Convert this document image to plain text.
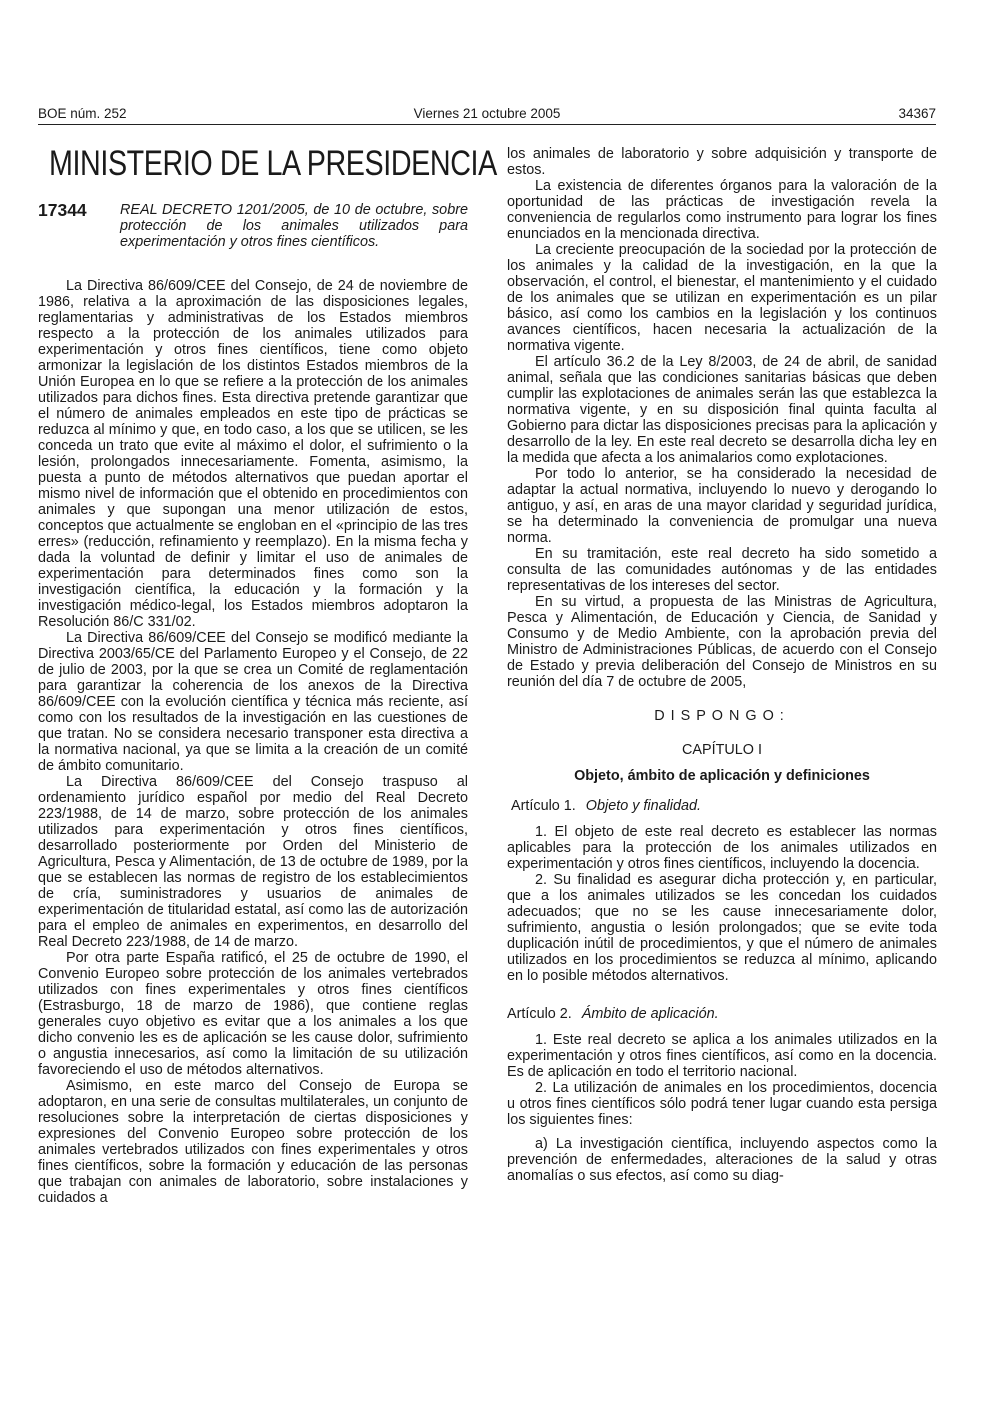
BOE núm. 252	Viernes 21 octubre 2005	34367
MINISTERIO DE LA PRESIDENCIA
17344	REAL DECRETO 1201/2005, de 10 de octubre, sobre protección de los animales utilizados para experimentación y otros fines científicos.

La Directiva 86/609/CEE del Consejo, de 24 de noviembre de 1986, relativa a la aproximación de las disposiciones legales, reglamentarias y administrativas de los Estados miembros respecto a la protección de los animales utilizados para experimentación y otros fines científicos, tiene como objeto armonizar la legislación de los distintos Estados miembros de la Unión Europea en lo que se refiere a la protección de los animales utilizados para dichos fines. Esta directiva pretende garantizar que el número de animales empleados en este tipo de prácticas se reduzca al mínimo y que, en todo caso, a los que se utilicen, se les conceda un trato que evite al máximo el dolor, el sufrimiento o la lesión, prolongados innecesariamente. Fomenta, asimismo, la puesta a punto de métodos alternativos que puedan aportar el mismo nivel de información que el obtenido en procedimientos con animales y que supongan una menor utilización de estos, conceptos que actualmente se engloban en el «principio de las tres erres» (reducción, refinamiento y reemplazo). En la misma fecha y dada la voluntad de definir y limitar el uso de animales de experimentación para determinados fines como son la investigación científica, la educación y la formación y la investigación médico-legal, los Estados miembros adoptaron la Resolución 86/C 331/02.

La Directiva 86/609/CEE del Consejo se modificó mediante la Directiva 2003/65/CE del Parlamento Europeo y el Consejo, de 22 de julio de 2003, por la que se crea un Comité de reglamentación para garantizar la coherencia de los anexos de la Directiva 86/609/CEE con la evolución científica y técnica más reciente, así como con los resultados de la investigación en las cuestiones de que tratan. No se considera necesario transponer esta directiva a la normativa nacional, ya que se limita a la creación de un comité de ámbito comunitario.

La Directiva 86/609/CEE del Consejo traspuso al ordenamiento jurídico español por medio del Real Decreto 223/1988, de 14 de marzo, sobre protección de los animales utilizados para experimentación y otros fines científicos, desarrollado posteriormente por Orden del Ministerio de Agricultura, Pesca y Alimentación, de 13 de octubre de 1989, por la que se establecen las normas de registro de los establecimientos de cría, suministradores y usuarios de animales de experimentación de titularidad estatal, así como las de autorización para el empleo de animales en experimentos, en desarrollo del Real Decreto 223/1988, de 14 de marzo.

Por otra parte España ratificó, el 25 de octubre de 1990, el Convenio Europeo sobre protección de los animales vertebrados utilizados con fines experimentales y otros fines científicos (Estrasburgo, 18 de marzo de 1986), que contiene reglas generales cuyo objetivo es evitar que a los animales a los que dicho convenio les es de aplicación se les cause dolor, sufrimiento o angustia innecesarios, así como la limitación de su utilización favoreciendo el uso de métodos alternativos.

Asimismo, en este marco del Consejo de Europa se adoptaron, en una serie de consultas multilaterales, un conjunto de resoluciones sobre la interpretación de ciertas disposiciones y expresiones del Convenio Europeo sobre protección de los animales vertebrados utilizados con fines experimentales y otros fines científicos, sobre la formación y educación de las personas que trabajan con animales de laboratorio, sobre instalaciones y cuidados a

los animales de laboratorio y sobre adquisición y transporte de estos.

La existencia de diferentes órganos para la valoración de la oportunidad de las prácticas de investigación revela la conveniencia de regularlos como instrumento para lograr los fines enunciados en la mencionada directiva.

La creciente preocupación de la sociedad por la protección de los animales y la calidad de la investigación, en la que la observación, el control, el bienestar, el mantenimiento y el cuidado de los animales que se utilizan en experimentación es un pilar básico, así como los cambios en la legislación y los continuos avances científicos, hacen necesaria la actualización de la normativa vigente.

El artículo 36.2 de la Ley 8/2003, de 24 de abril, de sanidad animal, señala que las condiciones sanitarias básicas que deben cumplir las explotaciones de animales serán las que establezca la normativa vigente, y en su disposición final quinta faculta al Gobierno para dictar las disposiciones precisas para la aplicación y desarrollo de la ley. En este real decreto se desarrolla dicha ley en la medida que afecta a los animalarios como explotaciones.

Por todo lo anterior, se ha considerado la necesidad de adaptar la actual normativa, incluyendo lo nuevo y derogando lo antiguo, y así, en aras de una mayor claridad y seguridad jurídica, se ha determinado la conveniencia de promulgar una nueva norma.

En su tramitación, este real decreto ha sido sometido a consulta de las comunidades autónomas y de las entidades representativas de los intereses del sector.

En su virtud, a propuesta de las Ministras de Agricultura, Pesca y Alimentación, de Educación y Ciencia, de Sanidad y Consumo y de Medio Ambiente, con la aprobación previa del Ministro de Administraciones Públicas, de acuerdo con el Consejo de Estado y previa deliberación del Consejo de Ministros en su reunión del día 7 de octubre de 2005,

DISPONGO:

CAPÍTULO I

Objeto, ámbito de aplicación y definiciones

Artículo 1. Objeto y finalidad.

1. El objeto de este real decreto es establecer las normas aplicables para la protección de los animales utilizados en experimentación y otros fines científicos, incluyendo la docencia.

2. Su finalidad es asegurar dicha protección y, en particular, que a los animales utilizados se les concedan los cuidados adecuados; que no se les cause innecesariamente dolor, sufrimiento, angustia o lesión prolongados; que se evite toda duplicación inútil de procedimientos, y que el número de animales utilizados en los procedimientos se reduzca al mínimo, aplicando en lo posible métodos alternativos.

Artículo 2. Ámbito de aplicación.

1. Este real decreto se aplica a los animales utilizados en la experimentación y otros fines científicos, así como en la docencia. Es de aplicación en todo el territorio nacional.

2. La utilización de animales en los procedimientos, docencia u otros fines científicos sólo podrá tener lugar cuando esta persiga los siguientes fines:

a) La investigación científica, incluyendo aspectos como la prevención de enfermedades, alteraciones de la salud y otras anomalías o sus efectos, así como su diag-
